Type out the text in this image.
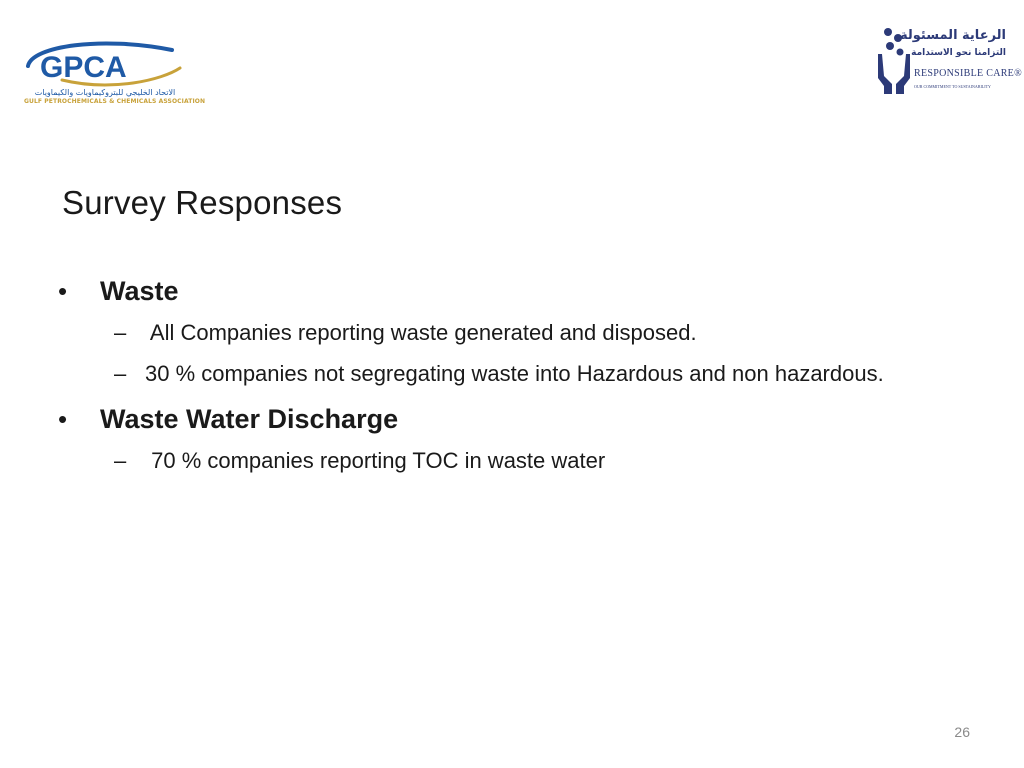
GPCA
الاتحاد الخليجي للبتروكيماويات والكيماويات
GULF PETROCHEMICALS & CHEMICALS ASSOCIATION
الرعاية المسئولة
التزامنا نحو الاستدامة
RESPONSIBLE CARE®
OUR COMMITMENT TO SUSTAINABILITY
Survey Responses
• Waste
– All Companies reporting waste generated and disposed.
– 30 % companies not segregating waste into Hazardous and non hazardous.
• Waste Water Discharge
– 70 % companies reporting TOC in waste water
26
